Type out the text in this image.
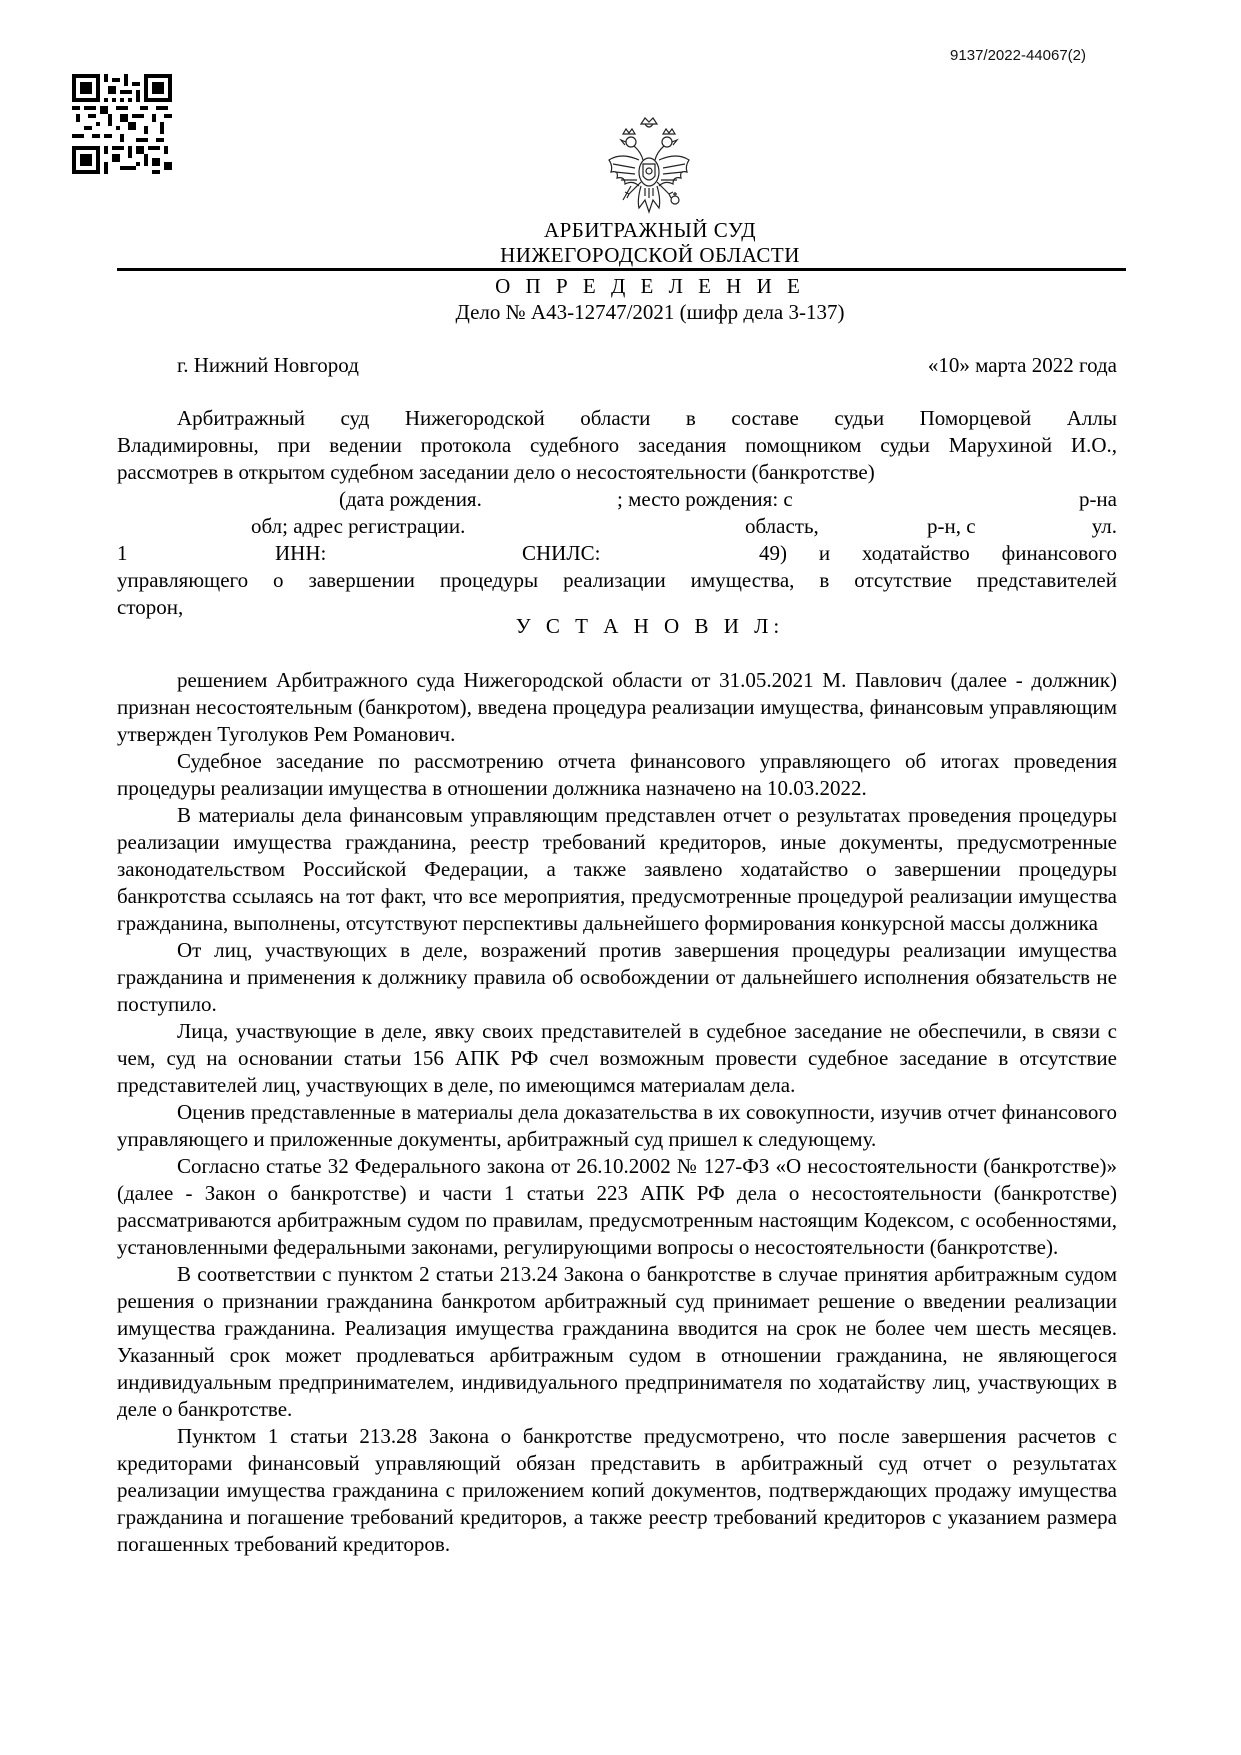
9137/2022-44067(2)
АРБИТРАЖНЫЙ СУД
НИЖЕГОРОДСКОЙ ОБЛАСТИ
О П Р Е Д Е Л Е Н И Е
Дело № А43-12747/2021 (шифр дела 3-137)
г. Нижний Новгород	«10» марта 2022 года
Арбитражный суд Нижегородской области в составе судьи Поморцевой Аллы
Владимировны, при ведении протокола судебного заседания помощником судьи Марухиной И.О.,
рассмотрев в открытом судебном заседании дело о несостоятельности (банкротстве)
(дата рождения.	; место рождения: с	р-на
обл; адрес регистрации.	область,	р-н, с	ул.
1	ИНН:	СНИЛС:	49) и ходатайство финансового
управляющего о завершении процедуры реализации имущества, в отсутствие представителей
сторон,
У С Т А Н О В И Л:

решением Арбитражного суда Нижегородской области от 31.05.2021 М. Павлович (далее - должник) признан несостоятельным (банкротом), введена процедура реализации имущества, финансовым управляющим утвержден Туголуков Рем Романович.

Судебное заседание по рассмотрению отчета финансового управляющего об итогах проведения процедуры реализации имущества в отношении должника назначено на 10.03.2022.

В материалы дела финансовым управляющим представлен отчет о результатах проведения процедуры реализации имущества гражданина, реестр требований кредиторов, иные документы, предусмотренные законодательством Российской Федерации, а также заявлено ходатайство о завершении процедуры банкротства ссылаясь на тот факт, что все мероприятия, предусмотренные процедурой реализации имущества гражданина, выполнены, отсутствуют перспективы дальнейшего формирования конкурсной массы должника

От лиц, участвующих в деле, возражений против завершения процедуры реализации имущества гражданина и применения к должнику правила об освобождении от дальнейшего исполнения обязательств не поступило.

Лица, участвующие в деле, явку своих представителей в судебное заседание не обеспечили, в связи с чем, суд на основании статьи 156 АПК РФ счел возможным провести судебное заседание в отсутствие представителей лиц, участвующих в деле, по имеющимся материалам дела.

Оценив представленные в материалы дела доказательства в их совокупности, изучив отчет финансового управляющего и приложенные документы, арбитражный суд пришел к следующему.

Согласно статье 32 Федерального закона от 26.10.2002 № 127-ФЗ «О несостоятельности (банкротстве)» (далее - Закон о банкротстве) и части 1 статьи 223 АПК РФ дела о несостоятельности (банкротстве) рассматриваются арбитражным судом по правилам, предусмотренным настоящим Кодексом, с особенностями, установленными федеральными законами, регулирующими вопросы о несостоятельности (банкротстве).

В соответствии с пунктом 2 статьи 213.24 Закона о банкротстве в случае принятия арбитражным судом решения о признании гражданина банкротом арбитражный суд принимает решение о введении реализации имущества гражданина. Реализация имущества гражданина вводится на срок не более чем шесть месяцев. Указанный срок может продлеваться арбитражным судом в отношении гражданина, не являющегося индивидуальным предпринимателем, индивидуального предпринимателя по ходатайству лиц, участвующих в деле о банкротстве.

Пунктом 1 статьи 213.28 Закона о банкротстве предусмотрено, что после завершения расчетов с кредиторами финансовый управляющий обязан представить в арбитражный суд отчет о результатах реализации имущества гражданина с приложением копий документов, подтверждающих продажу имущества гражданина и погашение требований кредиторов, а также реестр требований кредиторов с указанием размера погашенных требований кредиторов.
